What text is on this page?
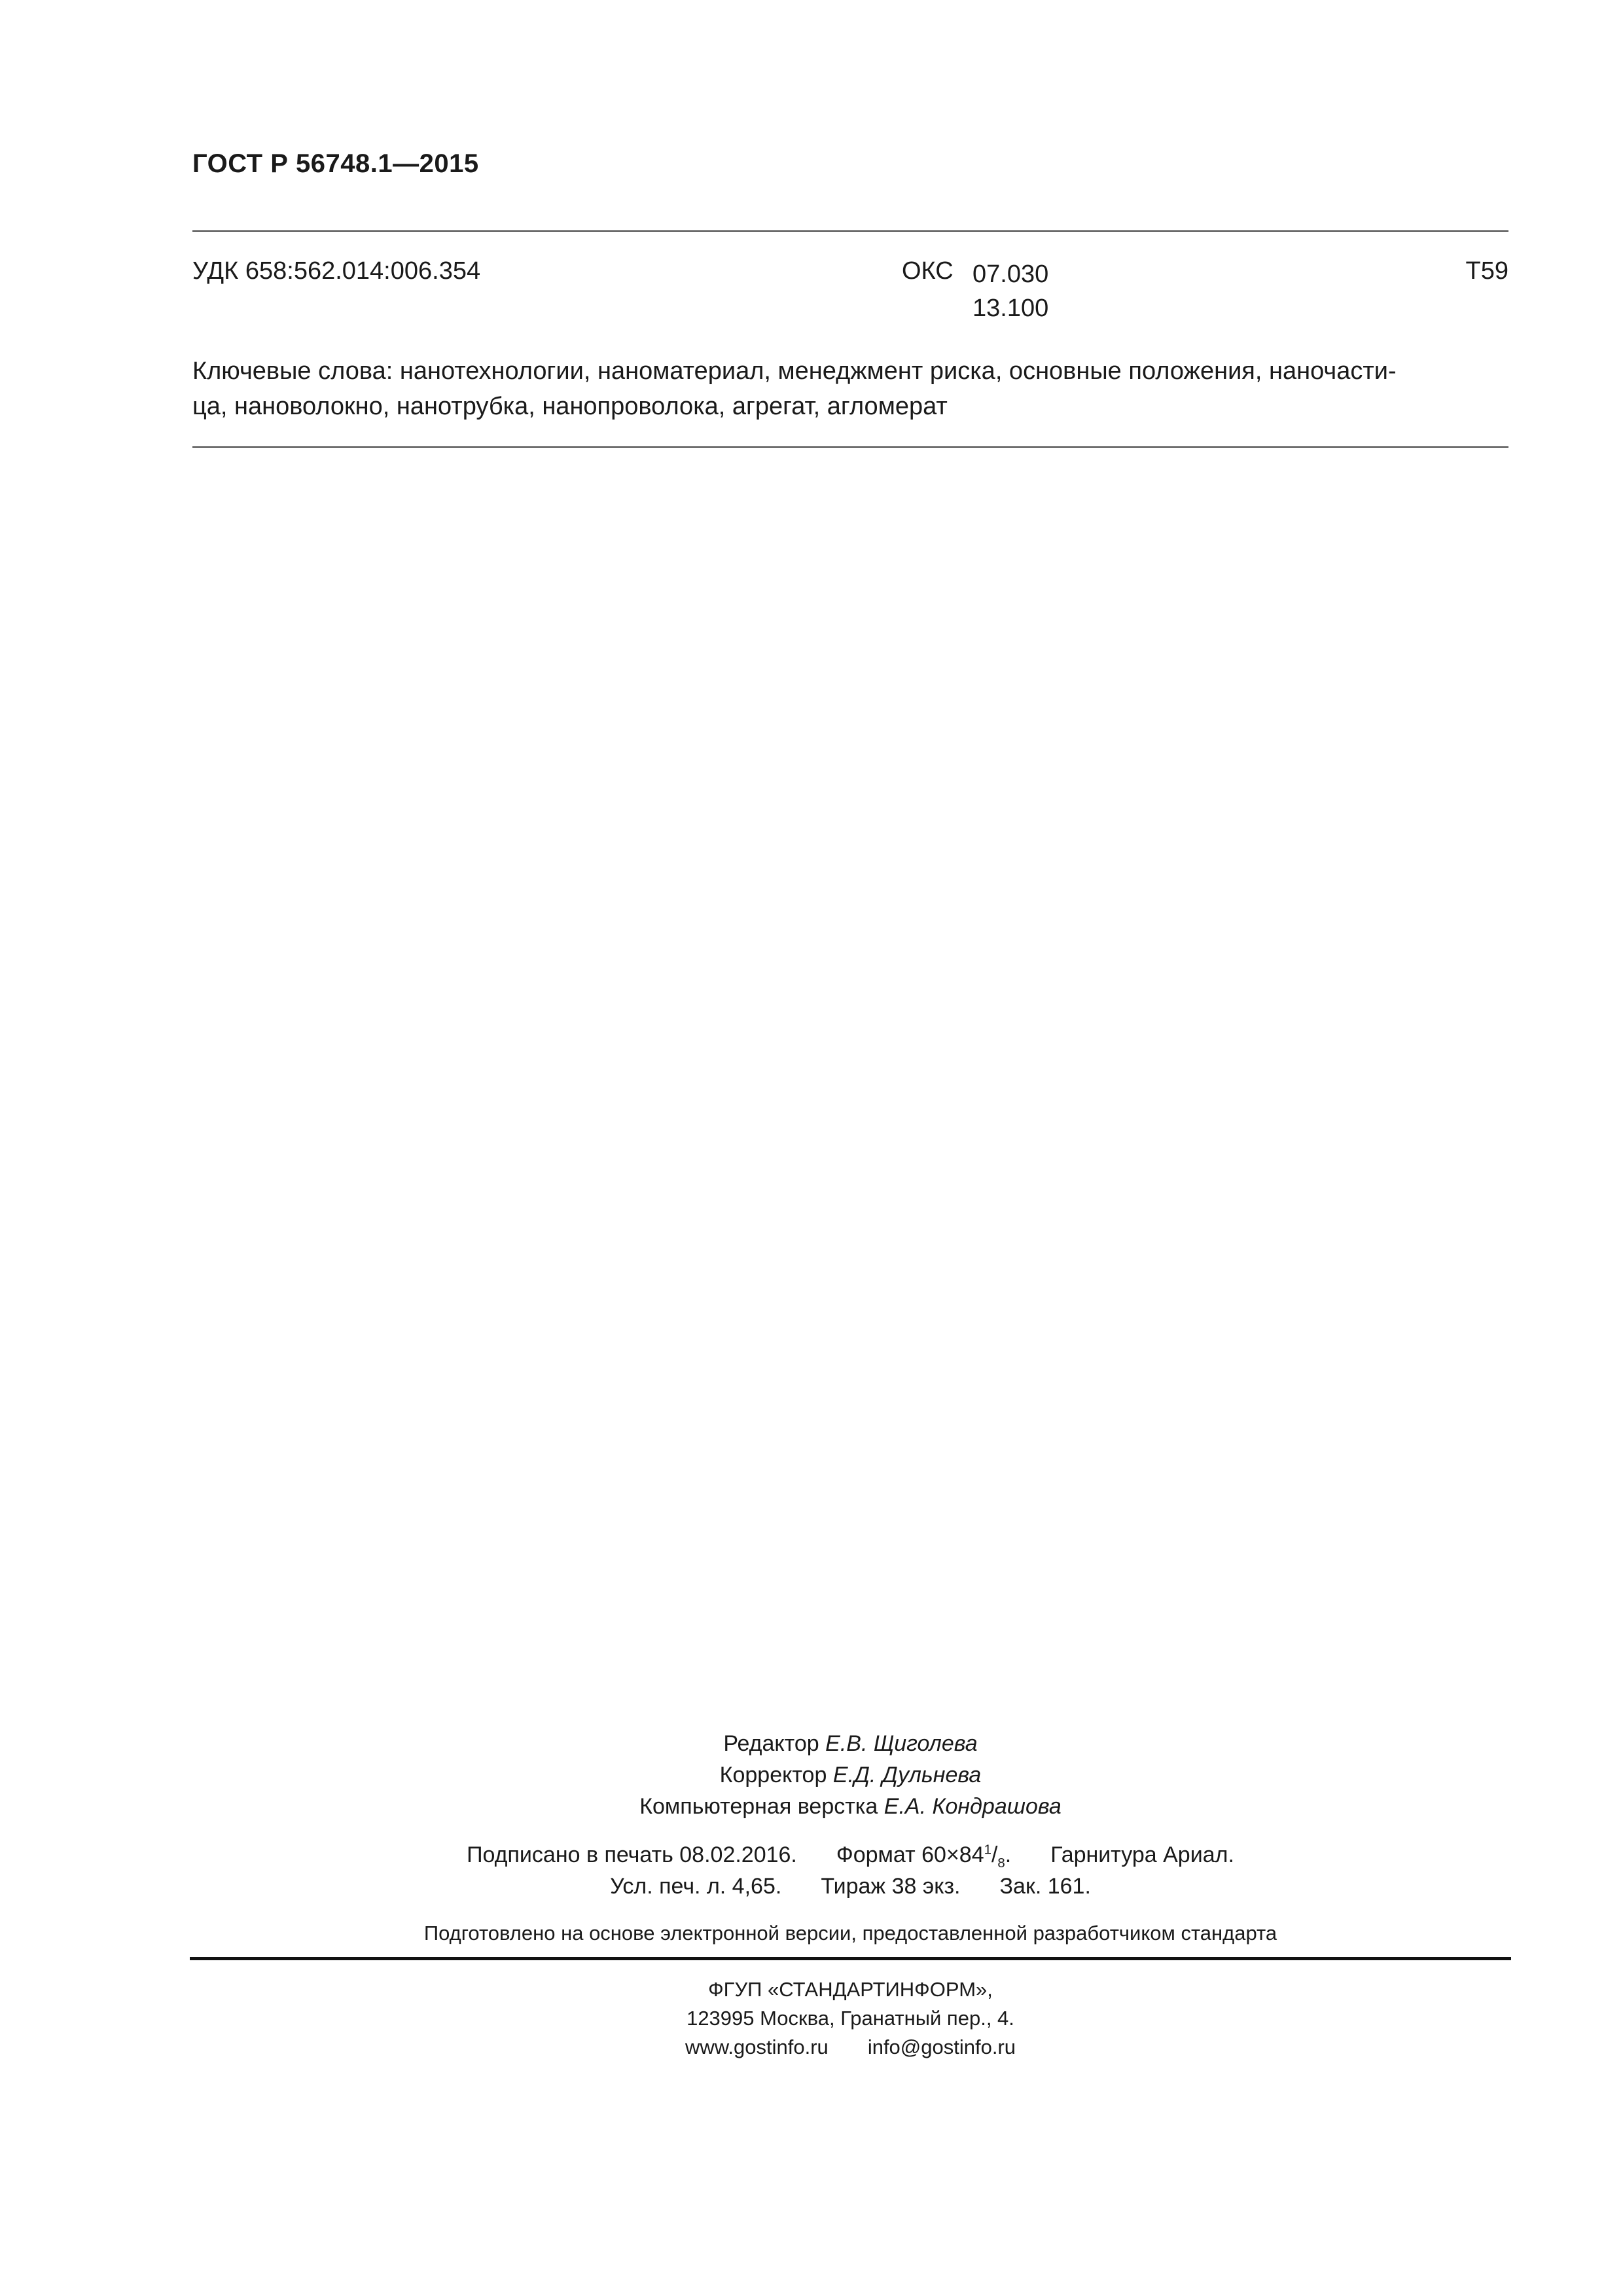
ГОСТ Р 56748.1—2015
УДК 658:562.014:006.354	ОКС 07.030
13.100
Т59
Ключевые слова: нанотехнологии, наноматериал, менеджмент риска, основные положения, наночасти-
ца, нановолокно, нанотрубка, нанопроволока, агрегат, агломерат
Редактор Е.В. Щиголева
Корректор Е.Д. Дульнева
Компьютерная верстка Е.А. Кондрашова
Подписано в печать 08.02.2016. Формат $60\times 84^1/_8$. Гарнитура Ариал.
Усл. печ. л. 4,65. Тираж 38 экз. Зак. 161.
Подготовлено на основе электронной версии, предоставленной разработчиком стандарта
ФГУП «СТАНДАРТИНФОРМ»,
123995 Москва, Гранатный пер., 4.
www.gostinfo.ru info@gostinfo.ru
